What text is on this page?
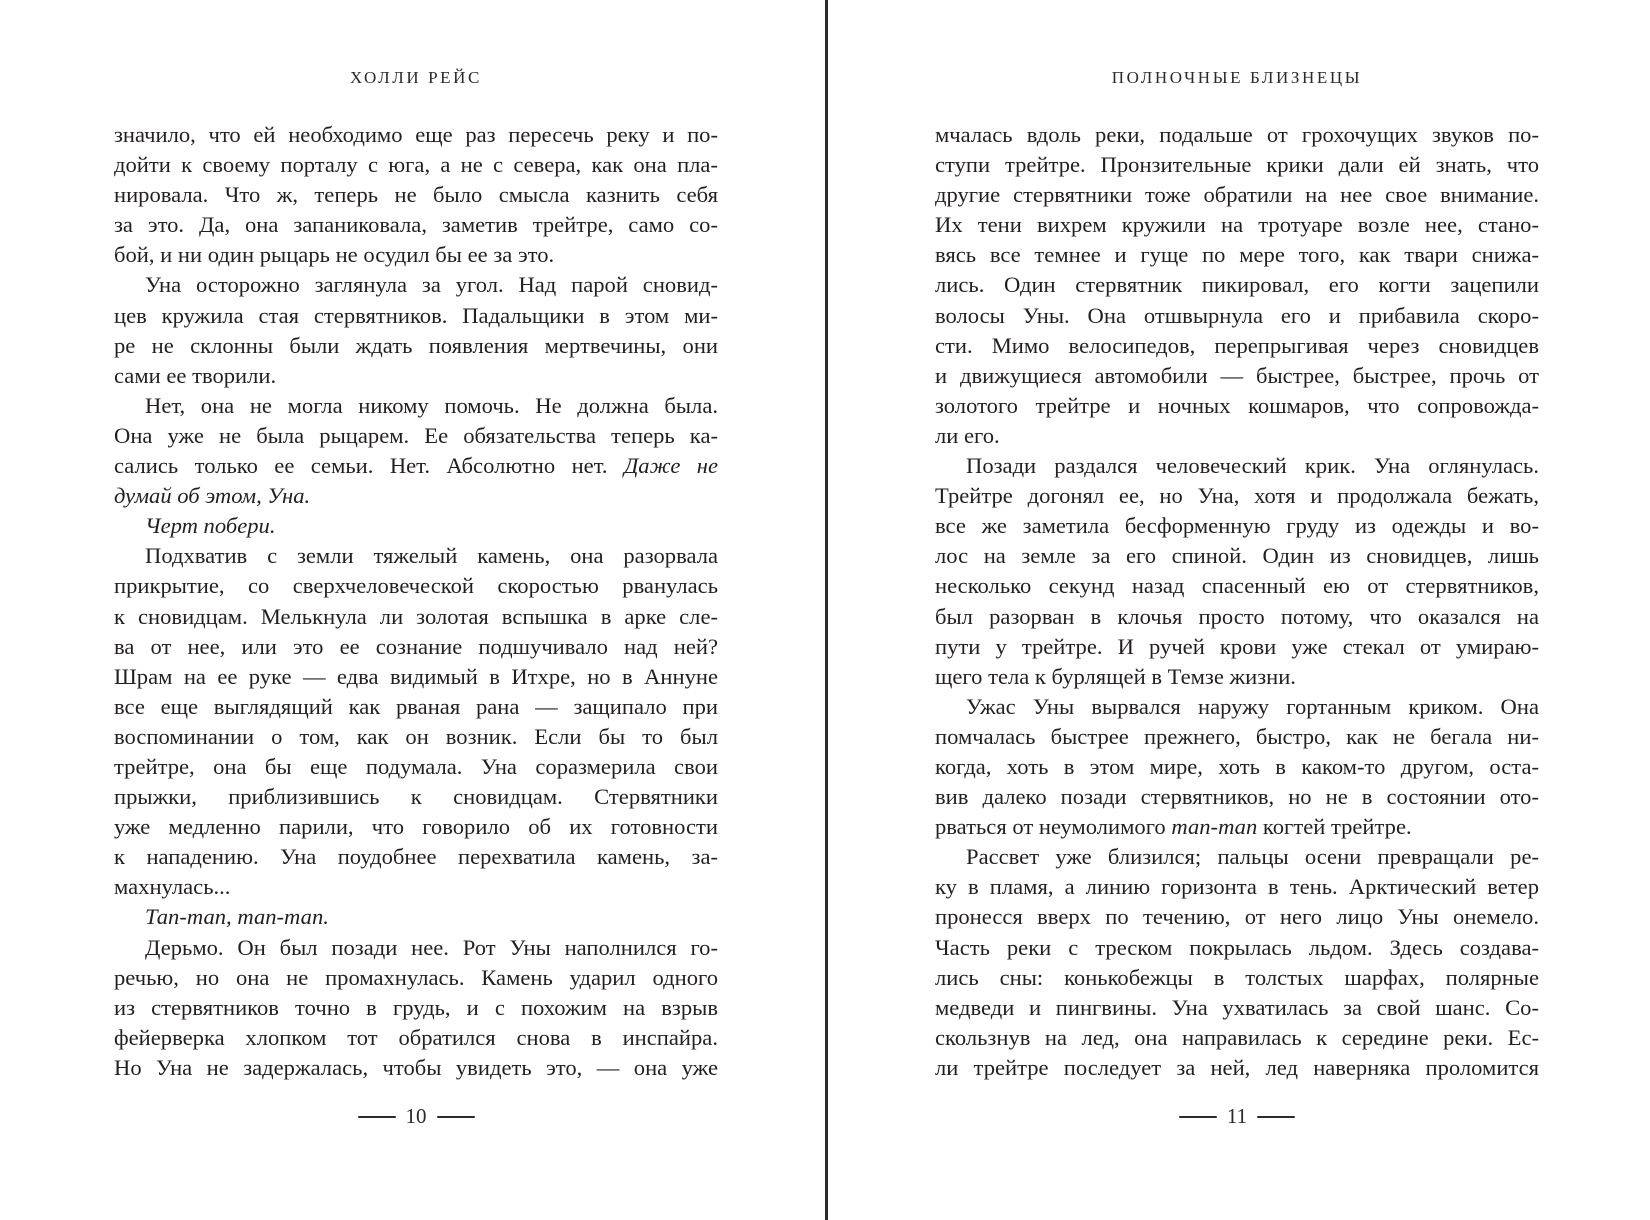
ХОЛЛИ РЕЙС
значило, что ей необходимо еще раз пересечь реку и по-
дойти к своему порталу с юга, а не с севера, как она пла-
нировала. Что ж, теперь не было смысла казнить себя
за это. Да, она запаниковала, заметив трейтре, само со-
бой, и ни один рыцарь не осудил бы ее за это.
Уна осторожно заглянула за угол. Над парой сновид-
цев кружила стая стервятников. Падальщики в этом ми-
ре не склонны были ждать появления мертвечины, они
сами ее творили.
Нет, она не могла никому помочь. Не должна была.
Она уже не была рыцарем. Ее обязательства теперь ка-
сались только ее семьи. Нет. Абсолютно нет. Даже не
думай об этом, Уна.
Черт побери.
Подхватив с земли тяжелый камень, она разорвала
прикрытие, со сверхчеловеческой скоростью рванулась
к сновидцам. Мелькнула ли золотая вспышка в арке сле-
ва от нее, или это ее сознание подшучивало над ней?
Шрам на ее руке — едва видимый в Итхре, но в Аннуне
все еще выглядящий как рваная рана — защипало при
воспоминании о том, как он возник. Если бы то был
трейтре, она бы еще подумала. Уна соразмерила свои
прыжки, приблизившись к сновидцам. Стервятники
уже медленно парили, что говорило об их готовности
к нападению. Уна поудобнее перехватила камень, за-
махнулась...
Тап-тап, тап-тап.
Дерьмо. Он был позади нее. Рот Уны наполнился го-
речью, но она не промахнулась. Камень ударил одного
из стервятников точно в грудь, и с похожим на взрыв
фейерверка хлопком тот обратился снова в инспайра.
Но Уна не задержалась, чтобы увидеть это, — она уже
10
ПОЛНОЧНЫЕ БЛИЗНЕЦЫ
мчалась вдоль реки, подальше от грохочущих звуков по-
ступи трейтре. Пронзительные крики дали ей знать, что
другие стервятники тоже обратили на нее свое внимание.
Их тени вихрем кружили на тротуаре возле нее, стано-
вясь все темнее и гуще по мере того, как твари снижа-
лись. Один стервятник пикировал, его когти зацепили
волосы Уны. Она отшвырнула его и прибавила скоро-
сти. Мимо велосипедов, перепрыгивая через сновидцев
и движущиеся автомобили — быстрее, быстрее, прочь от
золотого трейтре и ночных кошмаров, что сопровожда-
ли его.
Позади раздался человеческий крик. Уна оглянулась.
Трейтре догонял ее, но Уна, хотя и продолжала бежать,
все же заметила бесформенную груду из одежды и во-
лос на земле за его спиной. Один из сновидцев, лишь
несколько секунд назад спасенный ею от стервятников,
был разорван в клочья просто потому, что оказался на
пути у трейтре. И ручей крови уже стекал от умираю-
щего тела к бурлящей в Темзе жизни.
Ужас Уны вырвался наружу гортанным криком. Она
помчалась быстрее прежнего, быстро, как не бегала ни-
когда, хоть в этом мире, хоть в каком-то другом, оста-
вив далеко позади стервятников, но не в состоянии ото-
рваться от неумолимого тап-тап когтей трейтре.
Рассвет уже близился; пальцы осени превращали ре-
ку в пламя, а линию горизонта в тень. Арктический ветер
пронесся вверх по течению, от него лицо Уны онемело.
Часть реки с треском покрылась льдом. Здесь создава-
лись сны: конькобежцы в толстых шарфах, полярные
медведи и пингвины. Уна ухватилась за свой шанс. Со-
скользнув на лед, она направилась к середине реки. Ес-
ли трейтре последует за ней, лед наверняка проломится
11
